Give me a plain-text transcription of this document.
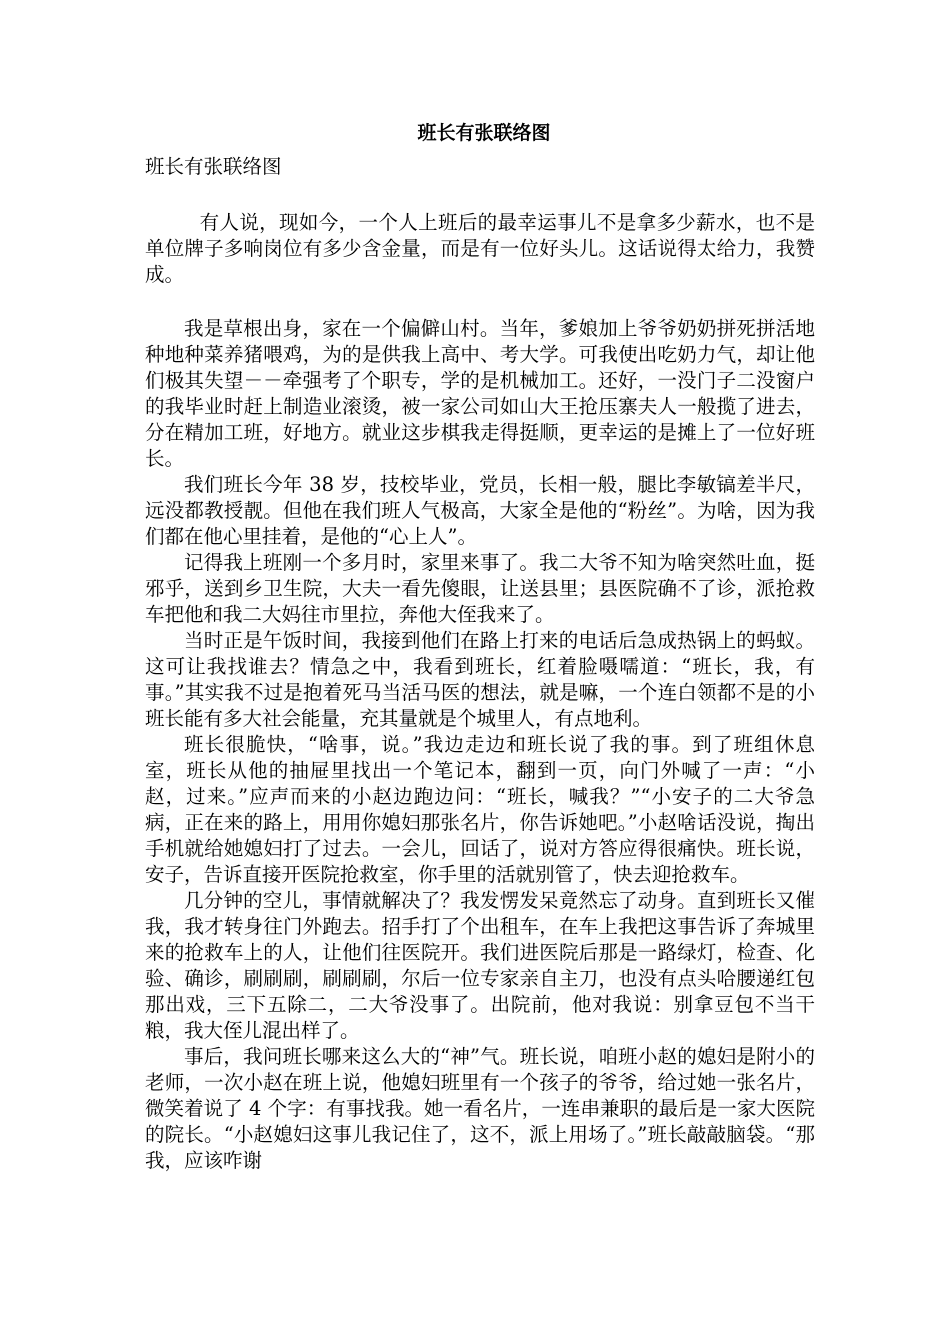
班长有张联络图
班长有张联络图

有人说，现如今，一个人上班后的最幸运事儿不是拿多少薪水，也不是单位牌子多响岗位有多少含金量，而是有一位好头儿。这话说得太给力，我赞成。

我是草根出身，家在一个偏僻山村。当年，爹娘加上爷爷奶奶拼死拼活地种地种菜养猪喂鸡，为的是供我上高中、考大学。可我使出吃奶力气，却让他们极其失望－－牵强考了个职专，学的是机械加工。还好，一没门子二没窗户的我毕业时赶上制造业滚烫，被一家公司如山大王抢压寨夫人一般揽了进去，分在精加工班，好地方。就业这步棋我走得挺顺，更幸运的是摊上了一位好班长。

我们班长今年 38 岁，技校毕业，党员，长相一般，腿比李敏镐差半尺，远没都教授靓。但他在我们班人气极高，大家全是他的“粉丝”。为啥，因为我们都在他心里挂着，是他的“心上人”。

记得我上班刚一个多月时，家里来事了。我二大爷不知为啥突然吐血，挺邪乎，送到乡卫生院，大夫一看先傻眼，让送县里；县医院确不了诊，派抢救车把他和我二大妈往市里拉，奔他大侄我来了。

当时正是午饭时间，我接到他们在路上打来的电话后急成热锅上的蚂蚁。这可让我找谁去？情急之中，我看到班长，红着脸嗫嚅道：“班长，我，有事。”其实我不过是抱着死马当活马医的想法，就是嘛，一个连白领都不是的小班长能有多大社会能量，充其量就是个城里人，有点地利。

班长很脆快，“啥事，说。”我边走边和班长说了我的事。到了班组休息室，班长从他的抽屉里找出一个笔记本，翻到一页，向门外喊了一声：“小赵，过来。”应声而来的小赵边跑边问：“班长，喊我？”“小安子的二大爷急病，正在来的路上，用用你媳妇那张名片，你告诉她吧。”小赵啥话没说，掏出手机就给她媳妇打了过去。一会儿，回话了，说对方答应得很痛快。班长说，安子，告诉直接开医院抢救室，你手里的活就别管了，快去迎抢救车。

几分钟的空儿，事情就解决了？我发愣发呆竟然忘了动身。直到班长又催我，我才转身往门外跑去。招手打了个出租车，在车上我把这事告诉了奔城里来的抢救车上的人，让他们往医院开。我们进医院后那是一路绿灯，检查、化验、确诊，刷刷刷，刷刷刷，尔后一位专家亲自主刀，也没有点头哈腰递红包那出戏，三下五除二，二大爷没事了。出院前，他对我说：别拿豆包不当干粮，我大侄儿混出样了。

事后，我问班长哪来这么大的“神”气。班长说，咱班小赵的媳妇是附小的老师，一次小赵在班上说，他媳妇班里有一个孩子的爷爷，给过她一张名片，微笑着说了 4 个字：有事找我。她一看名片，一连串兼职的最后是一家大医院的院长。“小赵媳妇这事儿我记住了，这不，派上用场了。”班长敲敲脑袋。“那我，应该咋谢
